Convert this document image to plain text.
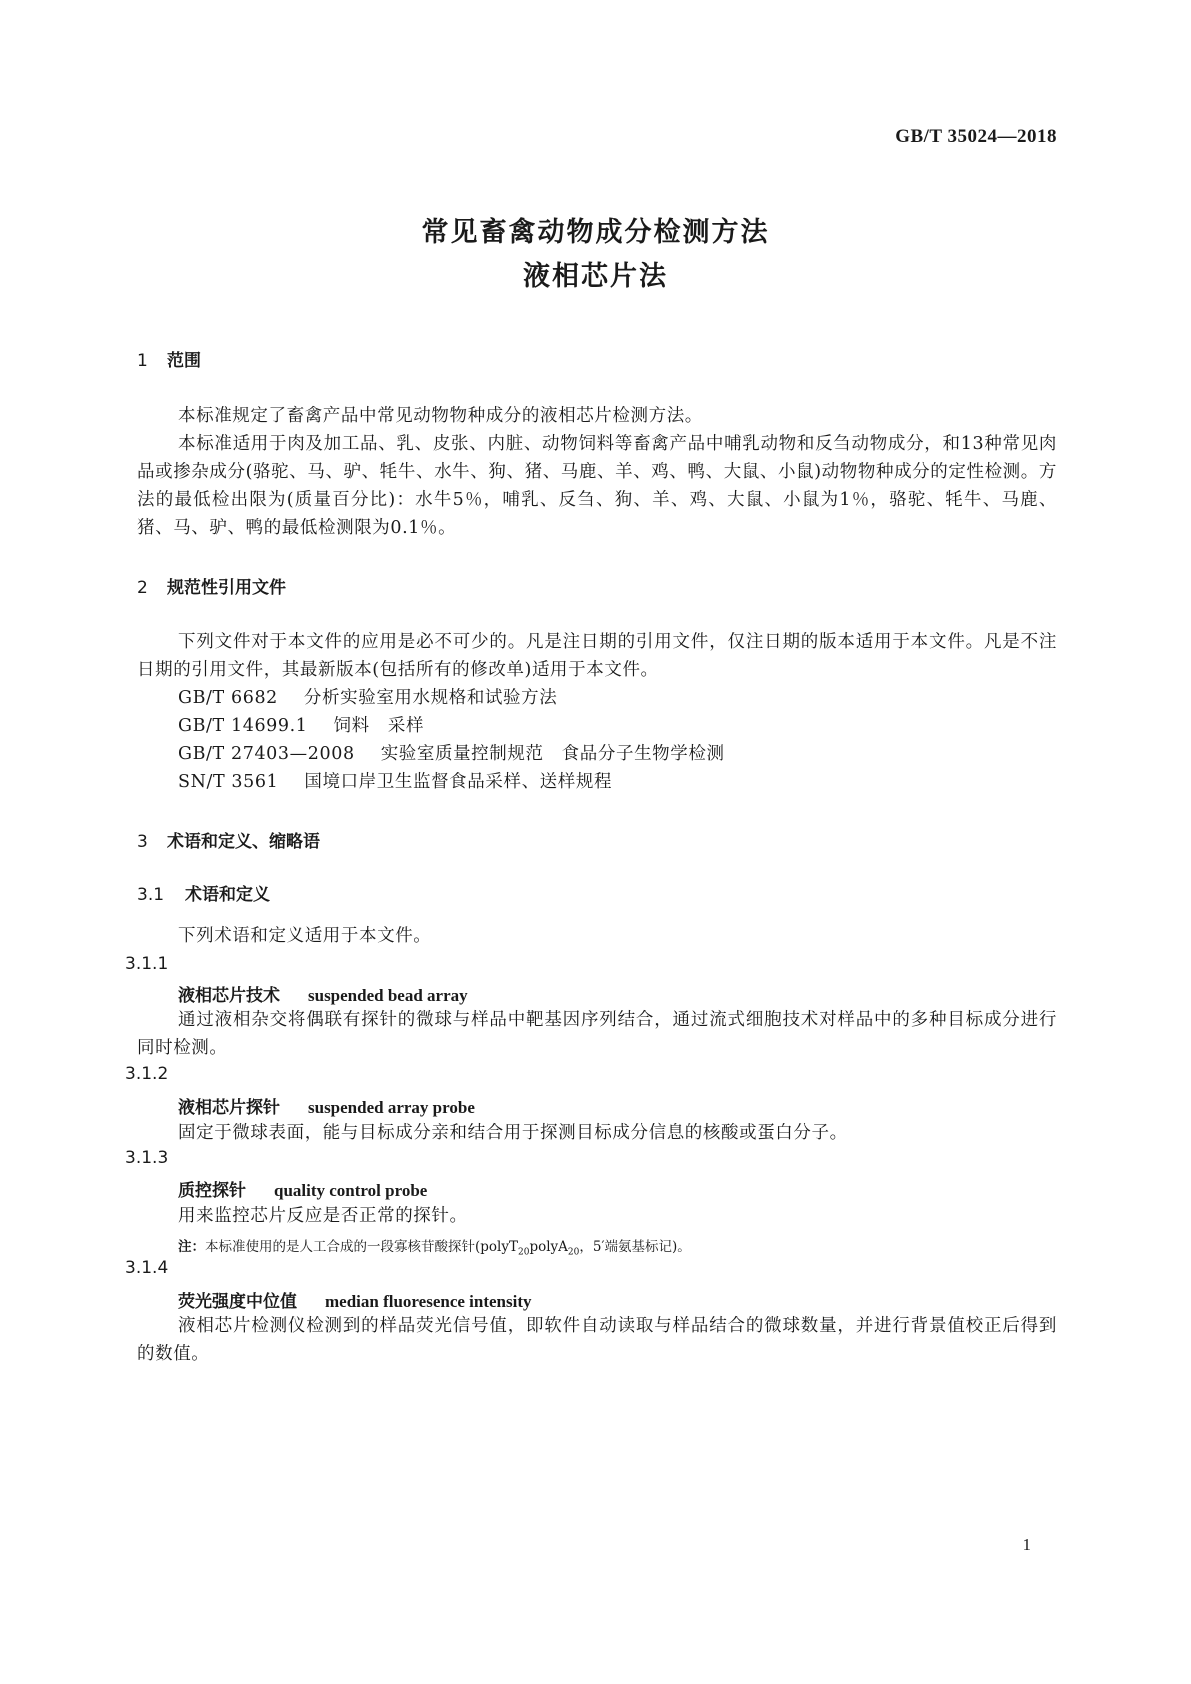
GB/T 35024—2018
常见畜禽动物成分检测方法
液相芯片法
1 范围

本标准规定了畜禽产品中常见动物物种成分的液相芯片检测方法。

本标准适用于肉及加工品、乳、皮张、内脏、动物饲料等畜禽产品中哺乳动物和反刍动物成分，和13种常见肉品或掺杂成分(骆驼、马、驴、牦牛、水牛、狗、猪、马鹿、羊、鸡、鸭、大鼠、小鼠)动物物种成分的定性检测。方法的最低检出限为(质量百分比)：水牛5％，哺乳、反刍、狗、羊、鸡、大鼠、小鼠为1％，骆驼、牦牛、马鹿、猪、马、驴、鸭的最低检测限为0.1％。

2 规范性引用文件

下列文件对于本文件的应用是必不可少的。凡是注日期的引用文件，仅注日期的版本适用于本文件。凡是不注日期的引用文件，其最新版本(包括所有的修改单)适用于本文件。

GB/T 6682 分析实验室用水规格和试验方法
GB/T 14699.1 饲料　采样
GB/T 27403—2008 实验室质量控制规范　食品分子生物学检测
SN/T 3561 国境口岸卫生监督食品采样、送样规程
3 术语和定义、缩略语
3.1 术语和定义

下列术语和定义适用于本文件。

3.1.1
液相芯片技术 suspended bead array

通过液相杂交将偶联有探针的微球与样品中靶基因序列结合，通过流式细胞技术对样品中的多种目标成分进行同时检测。

3.1.2
液相芯片探针 suspended array probe

固定于微球表面，能与目标成分亲和结合用于探测目标成分信息的核酸或蛋白分子。

3.1.3
质控探针 quality control probe

用来监控芯片反应是否正常的探针。

注：本标准使用的是人工合成的一段寡核苷酸探针(polyT$_{20}$polyA$_{20}$，5′端氨基标记)。
3.1.4
荧光强度中位值 median fluoresence intensity

液相芯片检测仪检测到的样品荧光信号值，即软件自动读取与样品结合的微球数量，并进行背景值校正后得到的数值。

1
